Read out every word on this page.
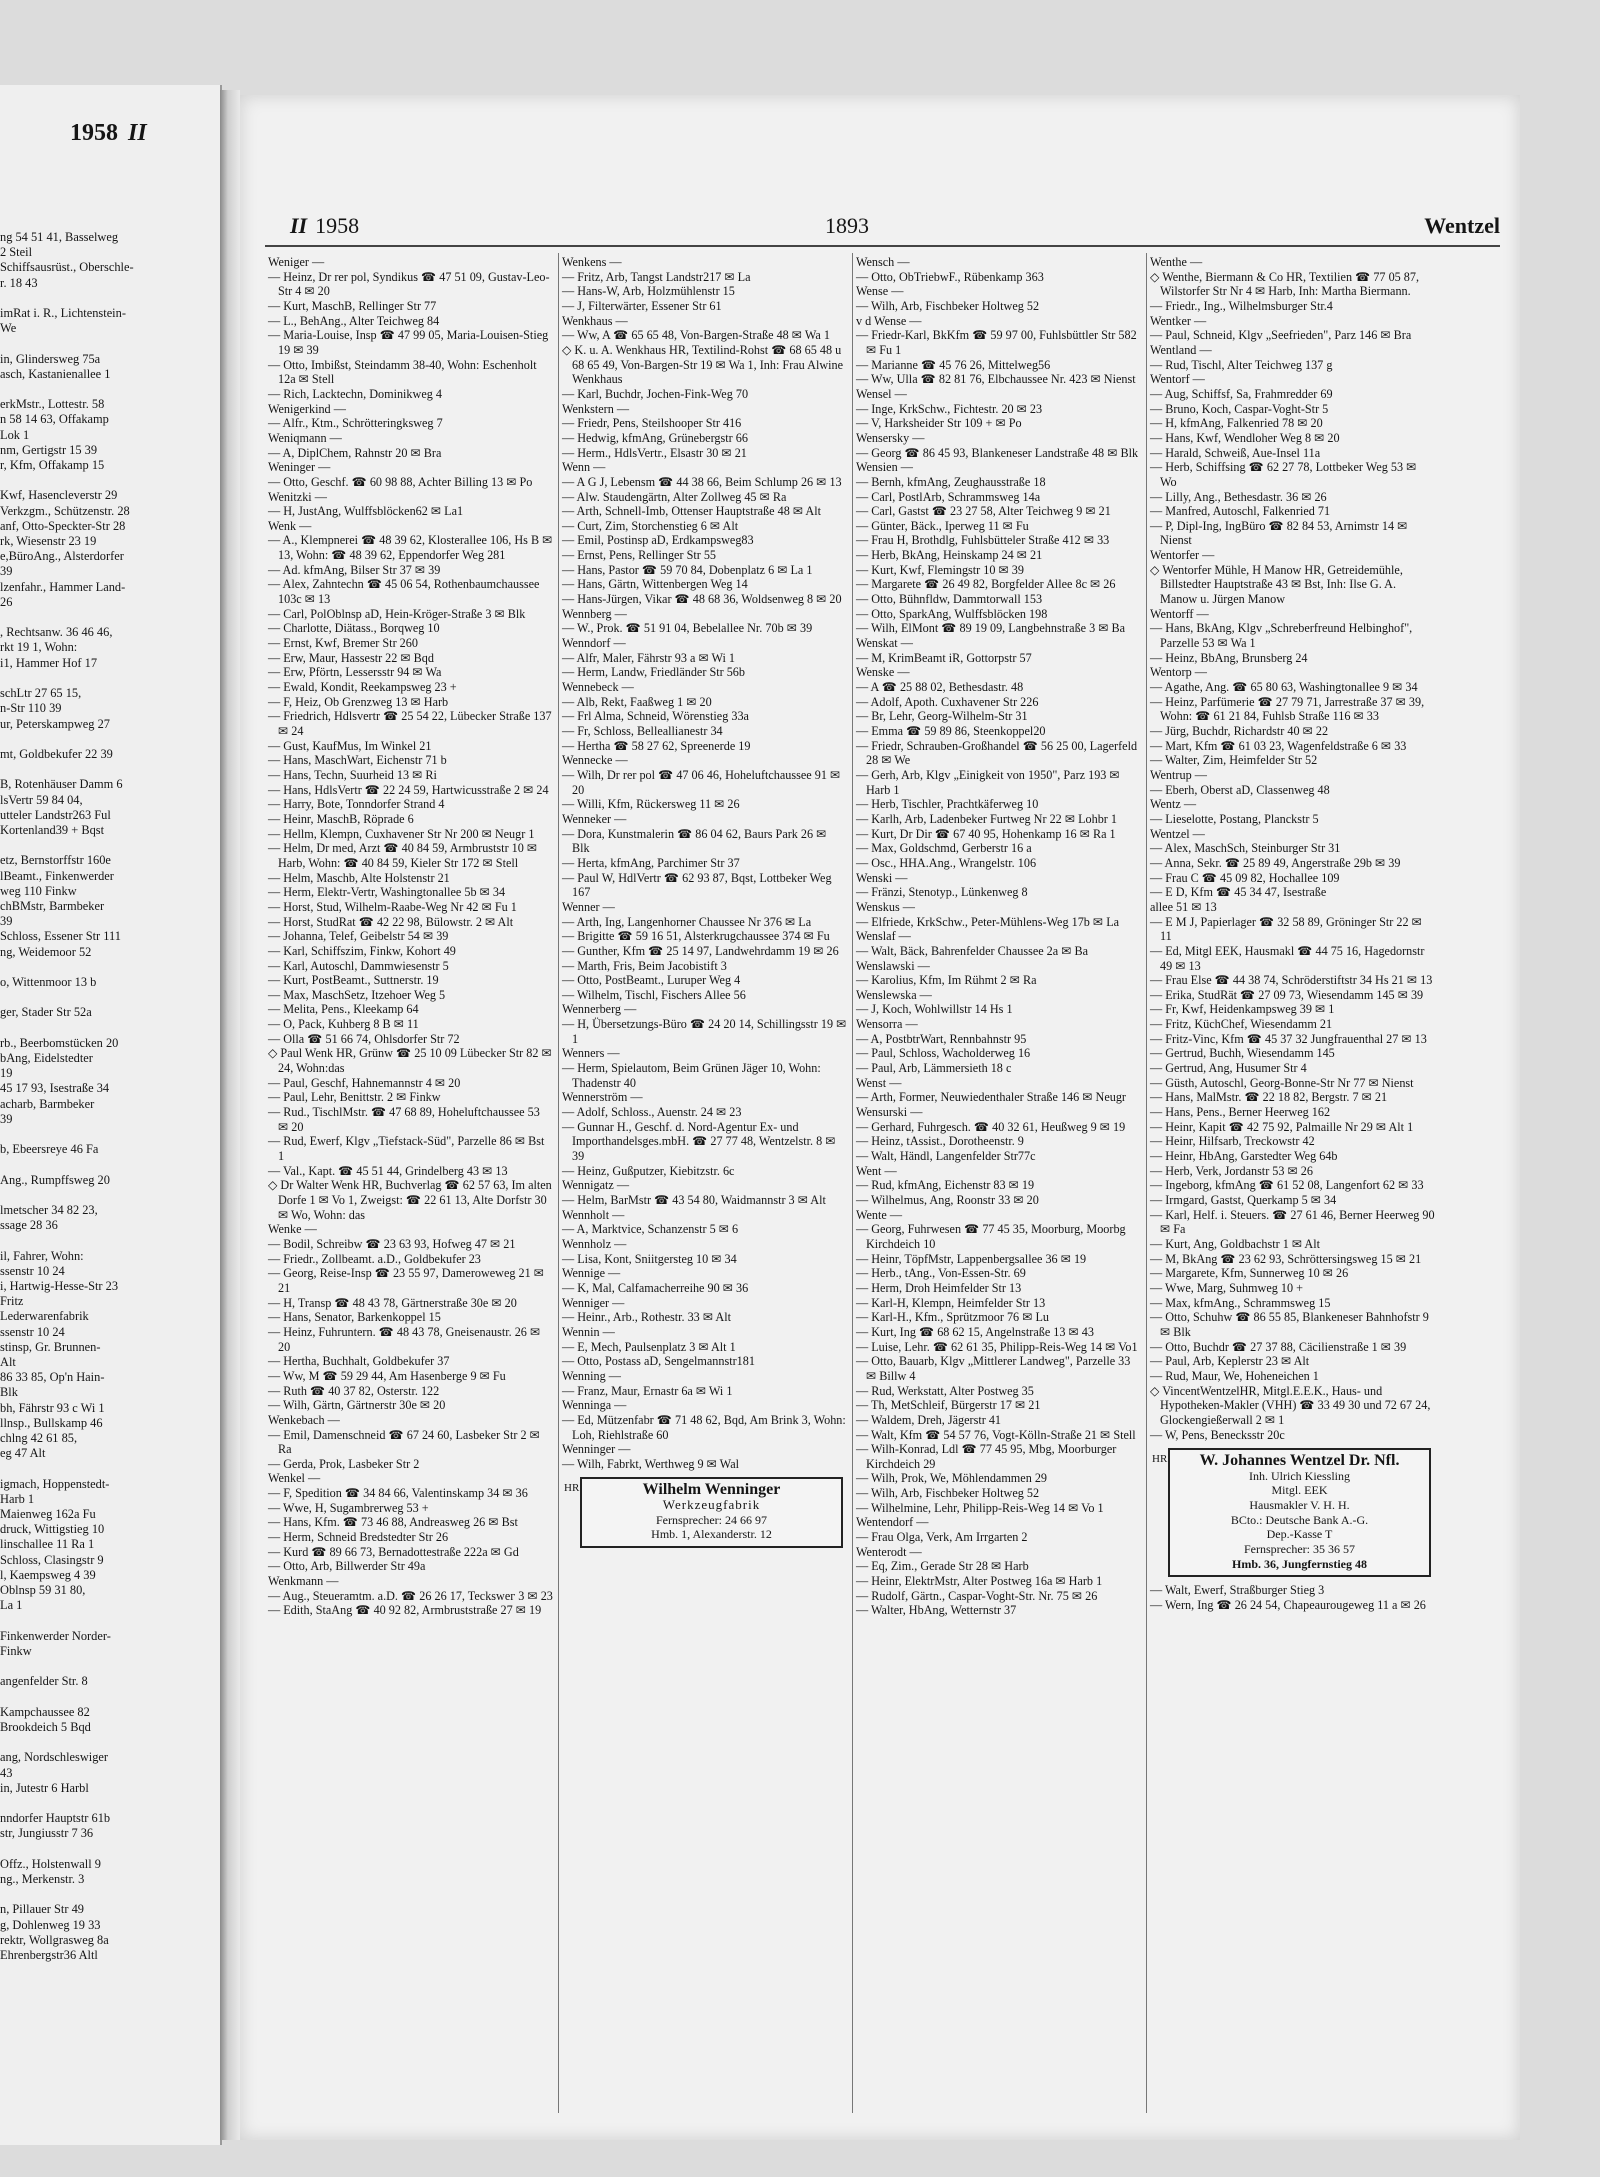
1958 II
ng 54 51 41, Basselweg
2 Steil
Schiffsausrüst., Oberschle-
r. 18 43

imRat i. R., Lichtenstein-
We

in, Glindersweg 75a
asch, Kastanienallee 1

erkMstr., Lottestr. 58
n 58 14 63, Offakamp
Lok 1
nm, Gertigstr 15 39
r, Kfm, Offakamp 15

Kwf, Hasencleverstr 29
Verkzgm., Schützenstr. 28
anf, Otto-Speckter-Str 28
rk, Wiesenstr 23 19
e,BüroAng., Alsterdorfer
39
lzenfahr., Hammer Land-
26

, Rechtsanw. 36 46 46,
rkt 19 1, Wohn:
i1, Hammer Hof 17

schLtr 27 65 15,
n-Str 110 39
ur, Peterskampweg 27

mt, Goldbekufer 22 39

B, Rotenhäuser Damm 6
lsVertr 59 84 04,
utteler Landstr263 Ful
Kortenland39 + Bqst

etz, Bernstorffstr 160e
lBeamt., Finkenwerder
weg 110 Finkw
chBMstr, Barmbeker
39
Schloss, Essener Str 111
ng, Weidemoor 52

o, Wittenmoor 13 b

ger, Stader Str 52a

rb., Beerbomstücken 20
bAng, Eidelstedter
19
45 17 93, Isestraße 34
acharb, Barmbeker
39

b, Ebeersreye 46 Fa

Ang., Rumpffsweg 20

lmetscher 34 82 23,
ssage 28 36

il, Fahrer, Wohn:
ssenstr 10 24
i, Hartwig-Hesse-Str 23
Fritz
Lederwarenfabrik
ssenstr 10 24
stinsp, Gr. Brunnen-
Alt
86 33 85, Op'n Hain-
Blk
bh, Fährstr 93 c Wi 1
llnsp., Bullskamp 46
chlng 42 61 85,
eg 47 Alt

igmach, Hoppenstedt-
Harb 1
Maienweg 162a Fu
druck, Wittigstieg 10
linschallee 11 Ra 1
Schloss, Clasingstr 9
l, Kaempsweg 4 39
Oblnsp 59 31 80,
La 1

Finkenwerder Norder-
Finkw

angenfelder Str. 8

Kampchaussee 82
Brookdeich 5 Bqd

ang, Nordschleswiger
43
in, Jutestr 6 Harbl

nndorfer Hauptstr 61b
str, Jungiusstr 7 36

Offz., Holstenwall 9
ng., Merkenstr. 3

n, Pillauer Str 49
g, Dohlenweg 19 33
rektr, Wollgrasweg 8a
Ehrenbergstr36 Altl
II 1958	1893	Wentzel
Weniger —
— Heinz, Dr rer pol, Syndikus ☎ 47 51 09, Gustav-Leo-Str 4 ✉ 20
— Kurt, MaschB, Rellinger Str 77
— L., BehAng., Alter Teichweg 84
— Maria-Louise, Insp ☎ 47 99 05, Maria-Louisen-Stieg 19 ✉ 39
— Otto, Imbißst, Steindamm 38-40, Wohn: Eschenholt 12a ✉ Stell
— Rich, Lacktechn, Dominikweg 4
Wenigerkind —
— Alfr., Ktm., Schrötteringksweg 7
Weniqmann —
— A, DiplChem, Rahnstr 20 ✉ Bra
Weninger —
— Otto, Geschf. ☎ 60 98 88, Achter Billing 13 ✉ Po
Wenitzki —
— H, JustAng, Wulffsblöcken62 ✉ La1
Wenk —
— A., Klempnerei ☎ 48 39 62, Klosterallee 106, Hs B ✉ 13, Wohn: ☎ 48 39 62, Eppendorfer Weg 281
— Ad. kfmAng, Bilser Str 37 ✉ 39
— Alex, Zahntechn ☎ 45 06 54, Rothenbaumchaussee 103c ✉ 13
— Carl, PolOblnsp aD, Hein-Kröger-Straße 3 ✉ Blk
— Charlotte, Diätass., Borqweg 10
— Ernst, Kwf, Bremer Str 260
— Erw, Maur, Hassestr 22 ✉ Bqd
— Erw, Pförtn, Lessersstr 94 ✉ Wa
— Ewald, Kondit, Reekampsweg 23 +
— F, Heiz, Ob Grenzweg 13 ✉ Harb
— Friedrich, Hdlsvertr ☎ 25 54 22, Lübecker Straße 137 ✉ 24
— Gust, KaufMus, Im Winkel 21
— Hans, MaschWart, Eichenstr 71 b
— Hans, Techn, Suurheid 13 ✉ Ri
— Hans, HdlsVertr ☎ 22 24 59, Hartwicusstraße 2 ✉ 24
— Harry, Bote, Tonndorfer Strand 4
— Heinr, MaschB, Röprade 6
— Hellm, Klempn, Cuxhavener Str Nr 200 ✉ Neugr 1
— Helm, Dr med, Arzt ☎ 40 84 59, Armbruststr 10 ✉ Harb, Wohn: ☎ 40 84 59, Kieler Str 172 ✉ Stell
— Helm, Maschb, Alte Holstenstr 21
— Herm, Elektr-Vertr, Washingtonallee 5b ✉ 34
— Horst, Stud, Wilhelm-Raabe-Weg Nr 42 ✉ Fu 1
— Horst, StudRat ☎ 42 22 98, Bülowstr. 2 ✉ Alt
— Johanna, Telef, Geibelstr 54 ✉ 39
— Karl, Schiffszim, Finkw, Kohort 49
— Karl, Autoschl, Dammwiesenstr 5
— Kurt, PostBeamt., Suttnerstr. 19
— Max, MaschSetz, Itzehoer Weg 5
— Melita, Pens., Kleekamp 64
— O, Pack, Kuhberg 8 B ✉ 11
— Olla ☎ 51 66 74, Ohlsdorfer Str 72
◇ Paul Wenk HR, Grünw ☎ 25 10 09 Lübecker Str 82 ✉ 24, Wohn:das
— Paul, Geschf, Hahnemannstr 4 ✉ 20
— Paul, Lehr, Benittstr. 2 ✉ Finkw
— Rud., TischlMstr. ☎ 47 68 89, Hoheluftchaussee 53 ✉ 20
— Rud, Ewerf, Klgv „Tiefstack-Süd", Parzelle 86 ✉ Bst 1
— Val., Kapt. ☎ 45 51 44, Grindelberg 43 ✉ 13
◇ Dr Walter Wenk HR, Buchverlag ☎ 62 57 63, Im alten Dorfe 1 ✉ Vo 1, Zweigst: ☎ 22 61 13, Alte Dorfstr 30 ✉ Wo, Wohn: das
Wenke —
— Bodil, Schreibw ☎ 23 63 93, Hofweg 47 ✉ 21
— Friedr., Zollbeamt. a.D., Goldbekufer 23
— Georg, Reise-Insp ☎ 23 55 97, Dameroweweg 21 ✉ 21
— H, Transp ☎ 48 43 78, Gärtnerstraße 30e ✉ 20
— Hans, Senator, Barkenkoppel 15
— Heinz, Fuhruntern. ☎ 48 43 78, Gneisenaustr. 26 ✉ 20
— Hertha, Buchhalt, Goldbekufer 37
— Ww, M ☎ 59 29 44, Am Hasenberge 9 ✉ Fu
— Ruth ☎ 40 37 82, Osterstr. 122
— Wilh, Gärtn, Gärtnerstr 30e ✉ 20
Wenkebach —
— Emil, Damenschneid ☎ 67 24 60, Lasbeker Str 2 ✉ Ra
— Gerda, Prok, Lasbeker Str 2
Wenkel —
— F, Spedition ☎ 34 84 66, Valentinskamp 34 ✉ 36
— Wwe, H, Sugambrerweg 53 +
— Hans, Kfm. ☎ 73 46 88, Andreasweg 26 ✉ Bst
— Herm, Schneid Bredstedter Str 26
— Kurd ☎ 89 66 73, Bernadottestraße 222a ✉ Gd
— Otto, Arb, Billwerder Str 49a
Wenkmann —
— Aug., Steueramtm. a.D. ☎ 26 26 17, Teckswег 3 ✉ 23
— Edith, StaAng ☎ 40 92 82, Armbruststraße 27 ✉ 19
Wenkens —
— Fritz, Arb, Tangst Landstr217 ✉ La
— Hans-W, Arb, Holzmühlenstr 15
— J, Filterwärter, Essener Str 61
Wenkhaus —
— Ww, A ☎ 65 65 48, Von-Bargen-Straße 48 ✉ Wa 1
◇ K. u. A. Wenkhaus HR, Textilind-Rohst ☎ 68 65 48 u 68 65 49, Von-Bargen-Str 19 ✉ Wa 1, Inh: Frau Alwine Wenkhaus
— Karl, Buchdr, Jochen-Fink-Weg 70
Wenkstern —
— Friedr, Pens, Steilshooper Str 416
— Hedwig, kfmAng, Grünebergstr 66
— Herm., HdlsVertr., Elsastr 30 ✉ 21
Wenn —
— A G J, Lebensm ☎ 44 38 66, Beim Schlump 26 ✉ 13
— Alw. Staudengärtn, Alter Zollweg 45 ✉ Ra
— Arth, Schnell-Imb, Ottenser Hauptstraße 48 ✉ Alt
— Curt, Zim, Storchenstieg 6 ✉ Alt
— Emil, Postinsp aD, Erdkampsweg83
— Ernst, Pens, Rellinger Str 55
— Hans, Pastor ☎ 59 70 84, Dobenplatz 6 ✉ La 1
— Hans, Gärtn, Wittenbergen Weg 14
— Hans-Jürgen, Vikar ☎ 48 68 36, Woldsenweg 8 ✉ 20
Wennberg —
— W., Prok. ☎ 51 91 04, Bebelallee Nr. 70b ✉ 39
Wenndorf —
— Alfr, Maler, Fährstr 93 a ✉ Wi 1
— Herm, Landw, Friedländer Str 56b
Wennebeck —
— Alb, Rekt, Faaßweg 1 ✉ 20
— Frl Alma, Schneid, Wörenstieg 33a
— Fr, Schloss, Belleallianestr 34
— Hertha ☎ 58 27 62, Spreenerde 19
Wennecke —
— Wilh, Dr rer pol ☎ 47 06 46, Hoheluftchaussee 91 ✉ 20
— Willi, Kfm, Rückersweg 11 ✉ 26
Wenneker —
— Dora, Kunstmalerin ☎ 86 04 62, Baurs Park 26 ✉ Blk
— Herta, kfmAng, Parchimer Str 37
— Paul W, HdlVertr ☎ 62 93 87, Bqst, Lottbeker Weg 167
Wenner —
— Arth, Ing, Langenhorner Chaussee Nr 376 ✉ La
— Brigitte ☎ 59 16 51, Alsterkrugchaussee 374 ✉ Fu
— Gunther, Kfm ☎ 25 14 97, Landwehrdamm 19 ✉ 26
— Marth, Fris, Beim Jacobistift 3
— Otto, PostBeamt., Luruper Weg 4
— Wilhelm, Tischl, Fischers Allee 56
Wennerberg —
— H, Übersetzungs-Büro ☎ 24 20 14, Schillingsstr 19 ✉ 1
Wenners —
— Herm, Spielautom, Beim Grünen Jäger 10, Wohn: Thadenstr 40
Wennerström —
— Adolf, Schloss., Auenstr. 24 ✉ 23
— Gunnar H., Geschf. d. Nord-Agentur Ex- und Importhandelsges.mbH. ☎ 27 77 48, Wentzelstr. 8 ✉ 39
— Heinz, Gußputzer, Kiebitzstr. 6c
Wennigatz —
— Helm, BarMstr ☎ 43 54 80, Waidmannstr 3 ✉ Alt
Wennholt —
— A, Marktvice, Schanzenstr 5 ✉ 6
Wennholz —
— Lisa, Kont, Sniitgersteg 10 ✉ 34
Wennige —
— K, Mal, Calfamacherreihe 90 ✉ 36
Wenniger —
— Heinr., Arb., Rothestr. 33 ✉ Alt
Wennin —
— E, Mech, Paulsenplatz 3 ✉ Alt 1
— Otto, Postass aD, Sengelmannstr181
Wenning —
— Franz, Maur, Ernastr 6a ✉ Wi 1
Wenninga —
— Ed, Mützenfabr ☎ 71 48 62, Bqd, Am Brink 3, Wohn: Loh, Riehlstraße 60
Wenninger —
— Wilh, Fabrkt, Werthweg 9 ✉ Wal
HR	Wilhelm Wenninger
Werkzeugfabrik
Fernsprecher: 24 66 97
Hmb. 1, Alexanderstr. 12
Wensch —
— Otto, ObTriebwF., Rübenkamp 363
Wense —
— Wilh, Arb, Fischbeker Holtweg 52
v d Wense —
— Friedr-Karl, BkKfm ☎ 59 97 00, Fuhlsbüttler Str 582 ✉ Fu 1
— Marianne ☎ 45 76 26, Mittelweg56
— Ww, Ulla ☎ 82 81 76, Elbchaussee Nr. 423 ✉ Nienst
Wensel —
— Inge, KrkSchw., Fichtestr. 20 ✉ 23
— V, Harksheider Str 109 + ✉ Po
Wensersky —
— Georg ☎ 86 45 93, Blankeneser Landstraße 48 ✉ Blk
Wensien —
— Bernh, kfmAng, Zeughausstraße 18
— Carl, PostlArb, Schrammsweg 14a
— Carl, Gastst ☎ 23 27 58, Alter Teichweg 9 ✉ 21
— Günter, Bäck., Iperweg 11 ✉ Fu
— Frau H, Brothdlg, Fuhlsbütteler Straße 412 ✉ 33
— Herb, BkAng, Heinskamp 24 ✉ 21
— Kurt, Kwf, Flemingstr 10 ✉ 39
— Margarete ☎ 26 49 82, Borgfelder Allee 8c ✉ 26
— Otto, Bühnfldw, Dammtorwall 153
— Otto, SparkAng, Wulffsblöcken 198
— Wilh, ElMont ☎ 89 19 09, Langbehnstraße 3 ✉ Ba
Wenskat —
— M, KrimBeamt iR, Gottorpstr 57
Wenske —
— A ☎ 25 88 02, Bethesdastr. 48
— Adolf, Apoth. Cuxhavener Str 226
— Br, Lehr, Georg-Wilhelm-Str 31
— Emma ☎ 59 89 86, Steenkoppel20
— Friedr, Schrauben-Großhandel ☎ 56 25 00, Lagerfeld 28 ✉ We
— Gerh, Arb, Klgv „Einigkeit von 1950", Parz 193 ✉ Harb 1
— Herb, Tischler, Prachtkäferweg 10
— Karlh, Arb, Ladenbeker Furtweg Nr 22 ✉ Lohbr 1
— Kurt, Dr Dir ☎ 67 40 95, Hohenkamp 16 ✉ Ra 1
— Max, Goldschmd, Gerberstr 16 a
— Osc., HHA.Ang., Wrangelstr. 106
Wenski —
— Fränzi, Stenotyp., Lünkenweg 8
Wenskus —
— Elfriede, KrkSchw., Peter-Mühlens-Weg 17b ✉ La
Wenslaf —
— Walt, Bäck, Bahrenfelder Chaussee 2a ✉ Ba
Wenslawski —
— Karolius, Kfm, Im Rühmt 2 ✉ Ra
Wenslewska —
— J, Koch, Wohlwillstr 14 Hs 1
Wensorra —
— A, PostbtrWart, Rennbahnstr 95
— Paul, Schloss, Wacholderweg 16
— Paul, Arb, Lämmersieth 18 c
Wenst —
— Arth, Former, Neuwiedenthaler Straße 146 ✉ Neugr
Wensurski —
— Gerhard, Fuhrgesch. ☎ 40 32 61, Heußweg 9 ✉ 19
— Heinz, tAssist., Dorotheenstr. 9
— Walt, Händl, Langenfelder Str77c
Went —
— Rud, kfmAng, Eichenstr 83 ✉ 19
— Wilhelmus, Ang, Roonstr 33 ✉ 20
Wente —
— Georg, Fuhrwesen ☎ 77 45 35, Moorburg, Moorbg Kirchdeich 10
— Heinr, TöpfMstr, Lappenbergsallee 36 ✉ 19
— Herb., tAng., Von-Essen-Str. 69
— Herm, Droh Heimfelder Str 13
— Karl-H, Klempn, Heimfelder Str 13
— Karl-H., Kfm., Sprützmoor 76 ✉ Lu
— Kurt, Ing ☎ 68 62 15, Angelnstraße 13 ✉ 43
— Luise, Lehr. ☎ 62 61 35, Philipp-Reis-Weg 14 ✉ Vo1
— Otto, Bauarb, Klgv „Mittlerer Landweg", Parzelle 33 ✉ Billw 4
— Rud, Werkstatt, Alter Postweg 35
— Th, MetSchleif, Bürgerstr 17 ✉ 21
— Waldem, Dreh, Jägerstr 41
— Walt, Kfm ☎ 54 57 76, Vogt-Kölln-Straße 21 ✉ Stell
— Wilh-Konrad, Ldl ☎ 77 45 95, Mbg, Moorburger Kirchdeich 29
— Wilh, Prok, We, Möhlendammen 29
— Wilh, Arb, Fischbeker Holtweg 52
— Wilhelmine, Lehr, Philipp-Reis-Weg 14 ✉ Vo 1
Wentendorf —
— Frau Olga, Verk, Am Irrgarten 2
Wenterodt —
— Eq, Zim., Gerade Str 28 ✉ Harb
— Heinr, ElektrMstr, Alter Postweg 16a ✉ Harb 1
— Rudolf, Gärtn., Caspar-Voght-Str. Nr. 75 ✉ 26
— Walter, HbAng, Wetternstr 37
Wenthe —
◇ Wenthe, Biermann & Co HR, Textilien ☎ 77 05 87, Wilstorfer Str Nr 4 ✉ Harb, Inh: Martha Biermann.
— Friedr., Ing., Wilhelmsburger Str.4
Wentker —
— Paul, Schneid, Klgv „Seefrieden", Parz 146 ✉ Bra
Wentland —
— Rud, Tischl, Alter Teichweg 137 g
Wentorf —
— Aug, Schiffsf, Sa, Frahmredder 69
— Bruno, Koch, Caspar-Voght-Str 5
— H, kfmAng, Falkenried 78 ✉ 20
— Hans, Kwf, Wendloher Weg 8 ✉ 20
— Harald, Schweiß, Aue-Insel 11a
— Herb, Schiffsing ☎ 62 27 78, Lottbeker Weg 53 ✉ Wo
— Lilly, Ang., Bethesdastr. 36 ✉ 26
— Manfred, Autoschl, Falkenried 71
— P, Dipl-Ing, IngBüro ☎ 82 84 53, Arnimstr 14 ✉ Nienst
Wentorfer —
◇ Wentorfer Mühle, H Manow HR, Getreidemühle, Billstedter Hauptstraße 43 ✉ Bst, Inh: Ilse G. A. Manow u. Jürgen Manow
Wentorff —
— Hans, BkAng, Klgv „Schreberfreund Helbinghof", Parzelle 53 ✉ Wa 1
— Heinz, BbAng, Brunsberg 24
Wentorp —
— Agathe, Ang. ☎ 65 80 63, Washingtonallee 9 ✉ 34
— Heinz, Parfümerie ☎ 27 79 71, Jarrestraße 37 ✉ 39, Wohn: ☎ 61 21 84, Fuhlsb Straße 116 ✉ 33
— Jürg, Buchdr, Richardstr 40 ✉ 22
— Mart, Kfm ☎ 61 03 23, Wagenfeldstraße 6 ✉ 33
— Walter, Zim, Heimfelder Str 52
Wentrup —
— Eberh, Oberst aD, Classenweg 48
Wentz —
— Lieselotte, Postang, Planckstr 5
Wentzel —
— Alex, MaschSch, Steinburger Str 31
— Anna, Sekr. ☎ 25 89 49, Angerstraße 29b ✉ 39
— Frau C ☎ 45 09 82, Hochallee 109
— E D, Kfm ☎ 45 34 47, Isestraße
allee 51 ✉ 13
— E M J, Papierlager ☎ 32 58 89, Gröninger Str 22 ✉ 11
— Ed, Mitgl EEK, Hausmakl ☎ 44 75 16, Hagedornstr 49 ✉ 13
— Frau Else ☎ 44 38 74, Schröderstiftstr 34 Hs 21 ✉ 13
— Erika, StudRät ☎ 27 09 73, Wiesendamm 145 ✉ 39
— Fr, Kwf, Heidenkampsweg 39 ✉ 1
— Fritz, KüchChef, Wiesendamm 21
— Fritz-Vinc, Kfm ☎ 45 37 32 Jungfrauenthal 27 ✉ 13
— Gertrud, Buchh, Wiesendamm 145
— Gertrud, Ang, Husumer Str 4
— Güsth, Autoschl, Georg-Bonne-Str Nr 77 ✉ Nienst
— Hans, MalMstr. ☎ 22 18 82, Bergstr. 7 ✉ 21
— Hans, Pens., Berner Heerweg 162
— Heinr, Kapit ☎ 42 75 92, Palmaille Nr 29 ✉ Alt 1
— Heinr, Hilfsarb, Treckowstr 42
— Heinr, HbAng, Garstedter Weg 64b
— Herb, Verk, Jordanstr 53 ✉ 26
— Ingeborg, kfmAng ☎ 61 52 08, Langenfort 62 ✉ 33
— Irmgard, Gastst, Querkamp 5 ✉ 34
— Karl, Helf. i. Steuers. ☎ 27 61 46, Berner Heerweg 90 ✉ Fa
— Kurt, Ang, Goldbachstr 1 ✉ Alt
— M, BkAng ☎ 23 62 93, Schröttersingsweg 15 ✉ 21
— Margarete, Kfm, Sunnerweg 10 ✉ 26
— Wwe, Marg, Suhmweg 10 +
— Max, kfmAng., Schrammsweg 15
— Otto, Schuhw ☎ 86 55 85, Blankeneser Bahnhofstr 9 ✉ Blk
— Otto, Buchdr ☎ 27 37 88, Cäcilienstraße 1 ✉ 39
— Paul, Arb, Keplerstr 23 ✉ Alt
— Rud, Maur, We, Hoheneichen 1
◇ VincentWentzelHR, Mitgl.E.E.K., Haus- und Hypotheken-Makler (VHH) ☎ 33 49 30 und 72 67 24, Glockengießerwall 2 ✉ 1
— W, Pens, Benecksstr 20c
HR	W. Johannes Wentzel Dr. Nfl.
Inh. Ulrich Kiessling
Mitgl. EEK
Hausmakler V. H. H.
BCto.: Deutsche Bank A.-G.
Dep.-Kasse T
Fernsprecher: 35 36 57
Hmb. 36, Jungfernstieg 48
— Walt, Ewerf, Straßburger Stieg 3
— Wern, Ing ☎ 26 24 54, Chapeaurougeweg 11 a ✉ 26
